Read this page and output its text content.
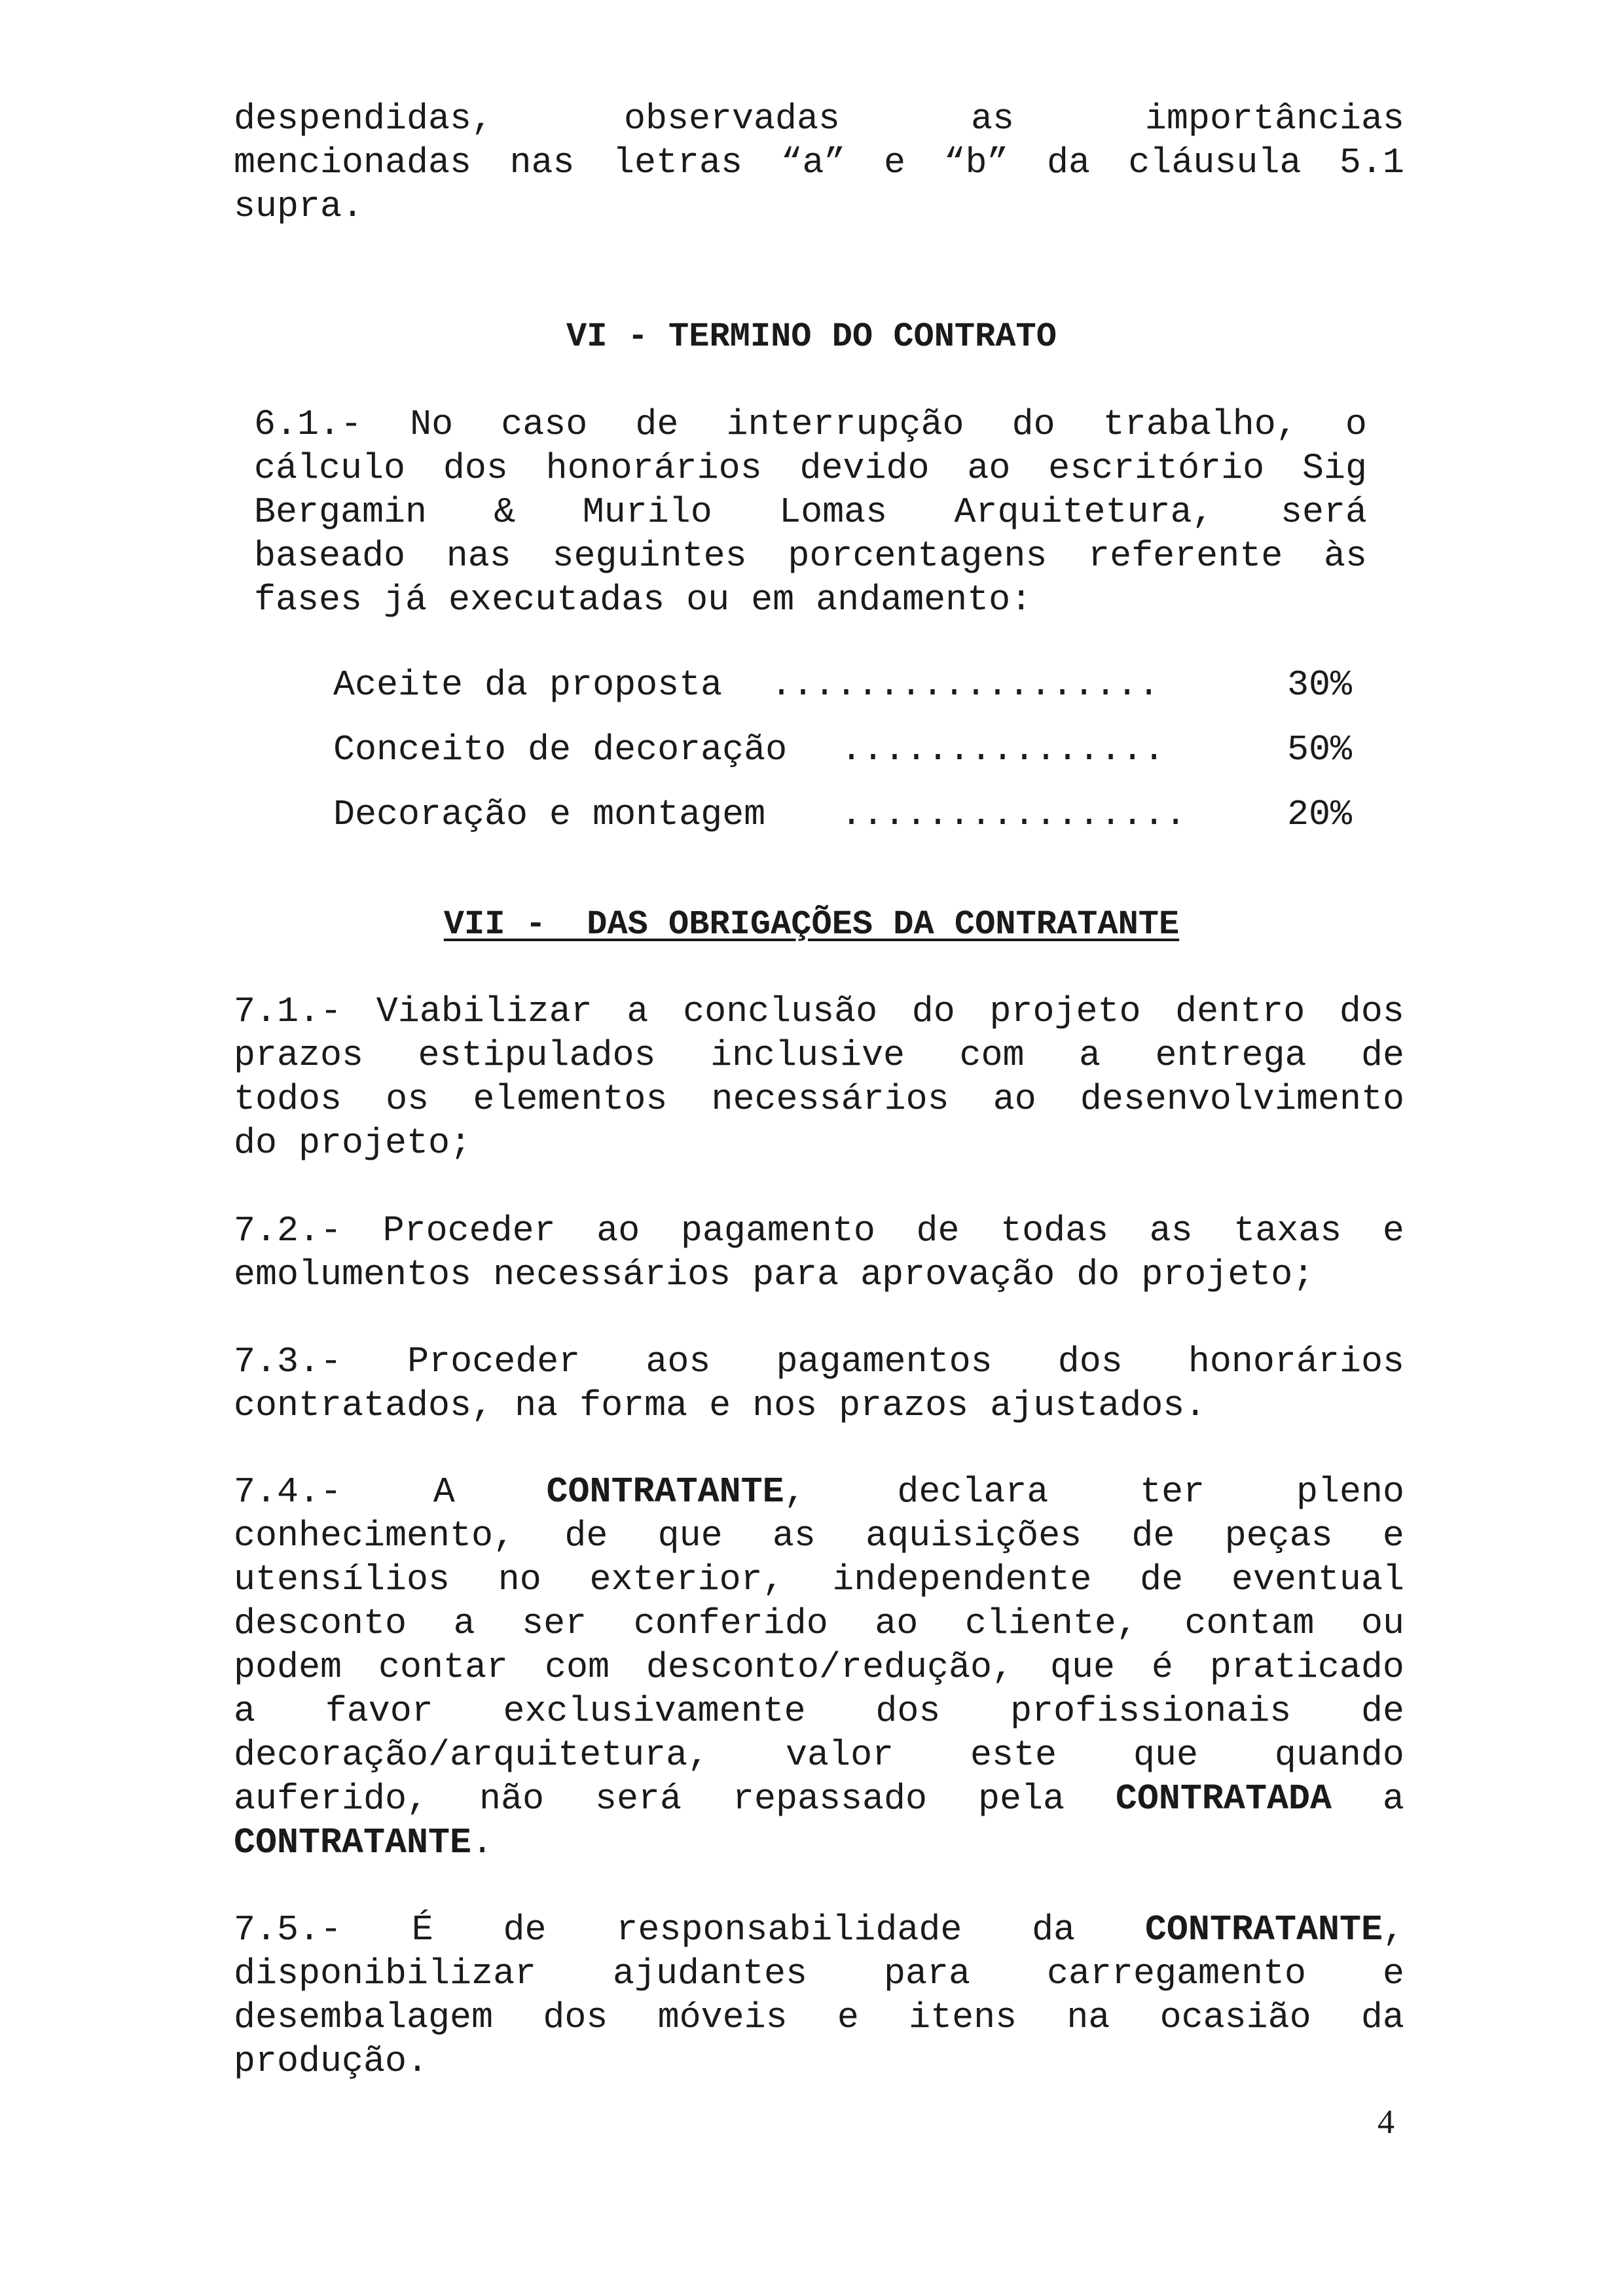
despendidas,	observadas	as	importâncias
mencionadas nas letras “a” e “b” da cláusula 5.1
supra.
VI - TERMINO DO CONTRATO
6.1.- No caso de interrupção do trabalho, o
cálculo dos honorários devido ao escritório Sig
Bergamin & Murilo Lomas Arquitetura, será
baseado nas seguintes porcentagens referente às
fases já executadas ou em andamento:
Aceite da proposta ..................	30%
Conceito de decoração ...............	50%
Decoração e montagem ................	20%
VII -  DAS OBRIGAÇÕES DA CONTRATANTE
7.1.- Viabilizar a conclusão do projeto dentro dos
prazos estipulados inclusive com a entrega de
todos os elementos necessários ao desenvolvimento
do projeto;
7.2.- Proceder ao pagamento de todas as taxas e
emolumentos necessários para aprovação do projeto;
7.3.- Proceder aos pagamentos dos honorários
contratados, na forma e nos prazos ajustados.
7.4.-	A	CONTRATANTE,	declara	ter	pleno
conhecimento, de que as aquisições de peças e
utensílios no exterior, independente de eventual
desconto a ser conferido ao cliente, contam ou
podem contar com desconto/redução, que é praticado
a favor exclusivamente dos profissionais de
decoração/arquitetura, valor este que quando
auferido, não será repassado pela CONTRATADA a
CONTRATANTE.
7.5.- É de responsabilidade da CONTRATANTE,
disponibilizar ajudantes para carregamento e
desembalagem dos móveis e itens na ocasião da
produção.
4
